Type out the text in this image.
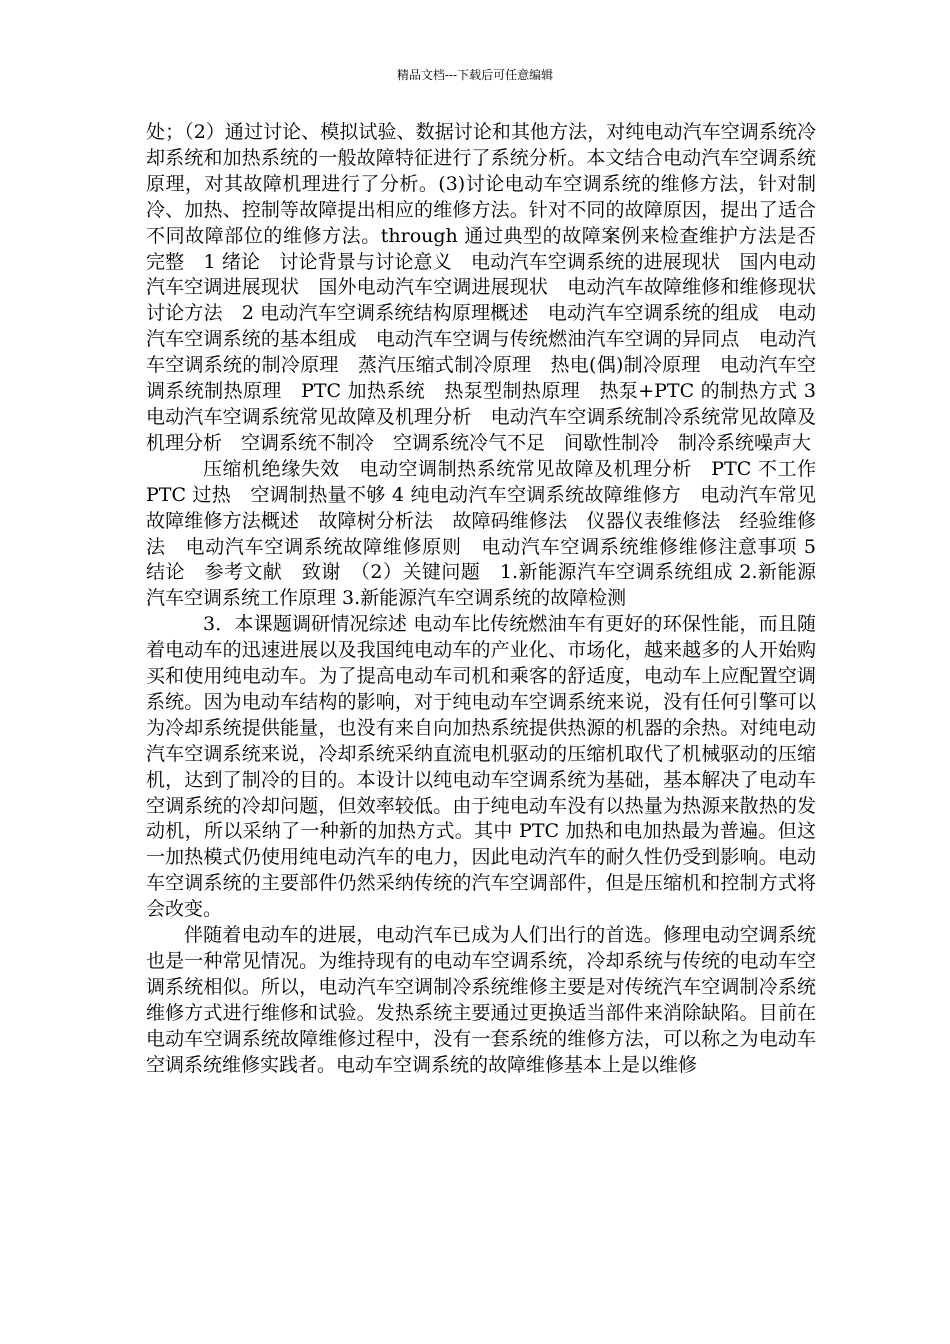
精品文档---下载后可任意编辑

处；（2）通过讨论、模拟试验、数据讨论和其他方法，对纯电动汽车空调系统冷却系统和加热系统的一般故障特征进行了系统分析。本文结合电动汽车空调系统原理，对其故障机理进行了分析。(3)讨论电动车空调系统的维修方法，针对制冷、加热、控制等故障提出相应的维修方法。针对不同的故障原因，提出了适合不同故障部位的维修方法。through 通过典型的故障案例来检查维护方法是否完整　1 绪论　讨论背景与讨论意义　电动汽车空调系统的进展现状　国内电动汽车空调进展现状　国外电动汽车空调进展现状　电动汽车故障维修和维修现状　讨论方法　2 电动汽车空调系统结构原理概述　电动汽车空调系统的组成　电动汽车空调系统的基本组成　电动汽车空调与传统燃油汽车空调的异同点　电动汽车空调系统的制冷原理　蒸汽压缩式制冷原理　热电(偶)制冷原理　电动汽车空调系统制热原理　PTC 加热系统　热泵型制热原理　热泵+PTC 的制热方式 3 电动汽车空调系统常见故障及机理分析　电动汽车空调系统制冷系统常见故障及机理分析　空调系统不制冷　空调系统冷气不足　间歇性制冷　制冷系统噪声大

压缩机绝缘失效　电动空调制热系统常见故障及机理分析　PTC 不工作　PTC 过热　空调制热量不够 4 纯电动汽车空调系统故障维修方　电动汽车常见故障维修方法概述　故障树分析法　故障码维修法　仪器仪表维修法　经验维修法　电动汽车空调系统故障维修原则　电动汽车空调系统维修维修注意事项 5 结论　参考文献　致谢　（2）关键问题　1.新能源汽车空调系统组成 2.新能源汽车空调系统工作原理 3.新能源汽车空调系统的故障检测

3．本课题调研情况综述 电动车比传统燃油车有更好的环保性能，而且随着电动车的迅速进展以及我国纯电动车的产业化、市场化，越来越多的人开始购买和使用纯电动车。为了提高电动车司机和乘客的舒适度，电动车上应配置空调系统。因为电动车结构的影响，对于纯电动车空调系统来说，没有任何引擎可以为冷却系统提供能量，也没有来自向加热系统提供热源的机器的余热。对纯电动汽车空调系统来说，冷却系统采纳直流电机驱动的压缩机取代了机械驱动的压缩机，达到了制冷的目的。本设计以纯电动车空调系统为基础，基本解决了电动车空调系统的冷却问题，但效率较低。由于纯电动车没有以热量为热源来散热的发动机，所以采纳了一种新的加热方式。其中 PTC 加热和电加热最为普遍。但这一加热模式仍使用纯电动汽车的电力，因此电动汽车的耐久性仍受到影响。电动车空调系统的主要部件仍然采纳传统的汽车空调部件，但是压缩机和控制方式将会改变。

伴随着电动车的进展，电动汽车已成为人们出行的首选。修理电动空调系统也是一种常见情况。为维持现有的电动车空调系统，冷却系统与传统的电动车空调系统相似。所以，电动汽车空调制冷系统维修主要是对传统汽车空调制冷系统维修方式进行维修和试验。发热系统主要通过更换适当部件来消除缺陷。目前在电动车空调系统故障维修过程中，没有一套系统的维修方法，可以称之为电动车空调系统维修实践者。电动车空调系统的故障维修基本上是以维修
